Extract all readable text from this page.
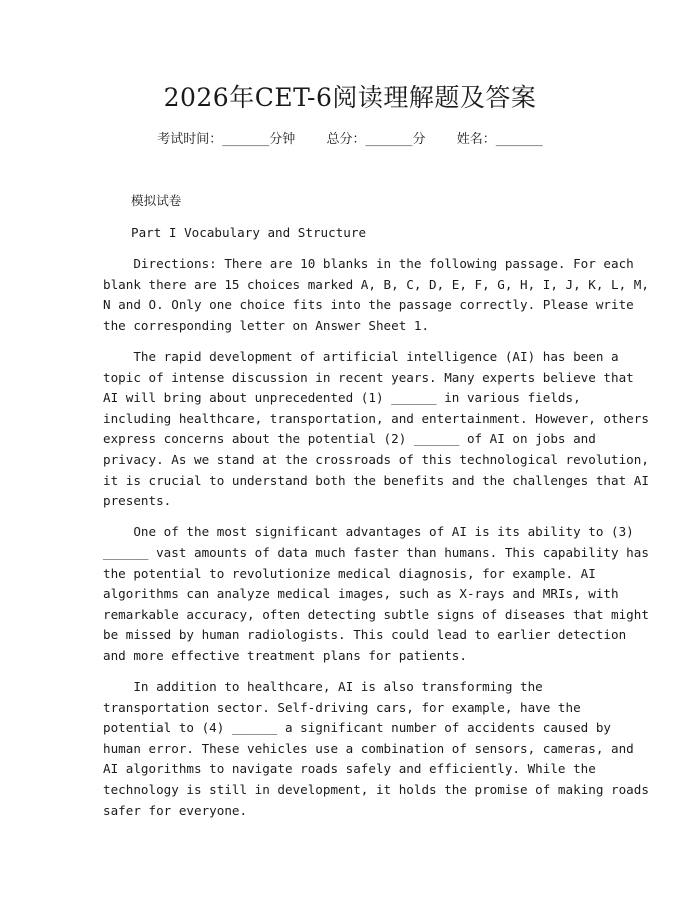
2026年CET-6阅读理解题及答案
考试时间：______分钟    总分：______分    姓名：______
模拟试卷
Part I Vocabulary and Structure
Directions: There are 10 blanks in the following passage. For each
blank there are 15 choices marked A, B, C, D, E, F, G, H, I, J, K, L, M,
N and O. Only one choice fits into the passage correctly. Please write
the corresponding letter on Answer Sheet 1.
The rapid development of artificial intelligence (AI) has been a
topic of intense discussion in recent years. Many experts believe that
AI will bring about unprecedented (1) ______ in various fields,
including healthcare, transportation, and entertainment. However, others
express concerns about the potential (2) ______ of AI on jobs and
privacy. As we stand at the crossroads of this technological revolution,
it is crucial to understand both the benefits and the challenges that AI
presents.
One of the most significant advantages of AI is its ability to (3)
______ vast amounts of data much faster than humans. This capability has
the potential to revolutionize medical diagnosis, for example. AI
algorithms can analyze medical images, such as X-rays and MRIs, with
remarkable accuracy, often detecting subtle signs of diseases that might
be missed by human radiologists. This could lead to earlier detection
and more effective treatment plans for patients.
In addition to healthcare, AI is also transforming the
transportation sector. Self-driving cars, for example, have the
potential to (4) ______ a significant number of accidents caused by
human error. These vehicles use a combination of sensors, cameras, and
AI algorithms to navigate roads safely and efficiently. While the
technology is still in development, it holds the promise of making roads
safer for everyone.
